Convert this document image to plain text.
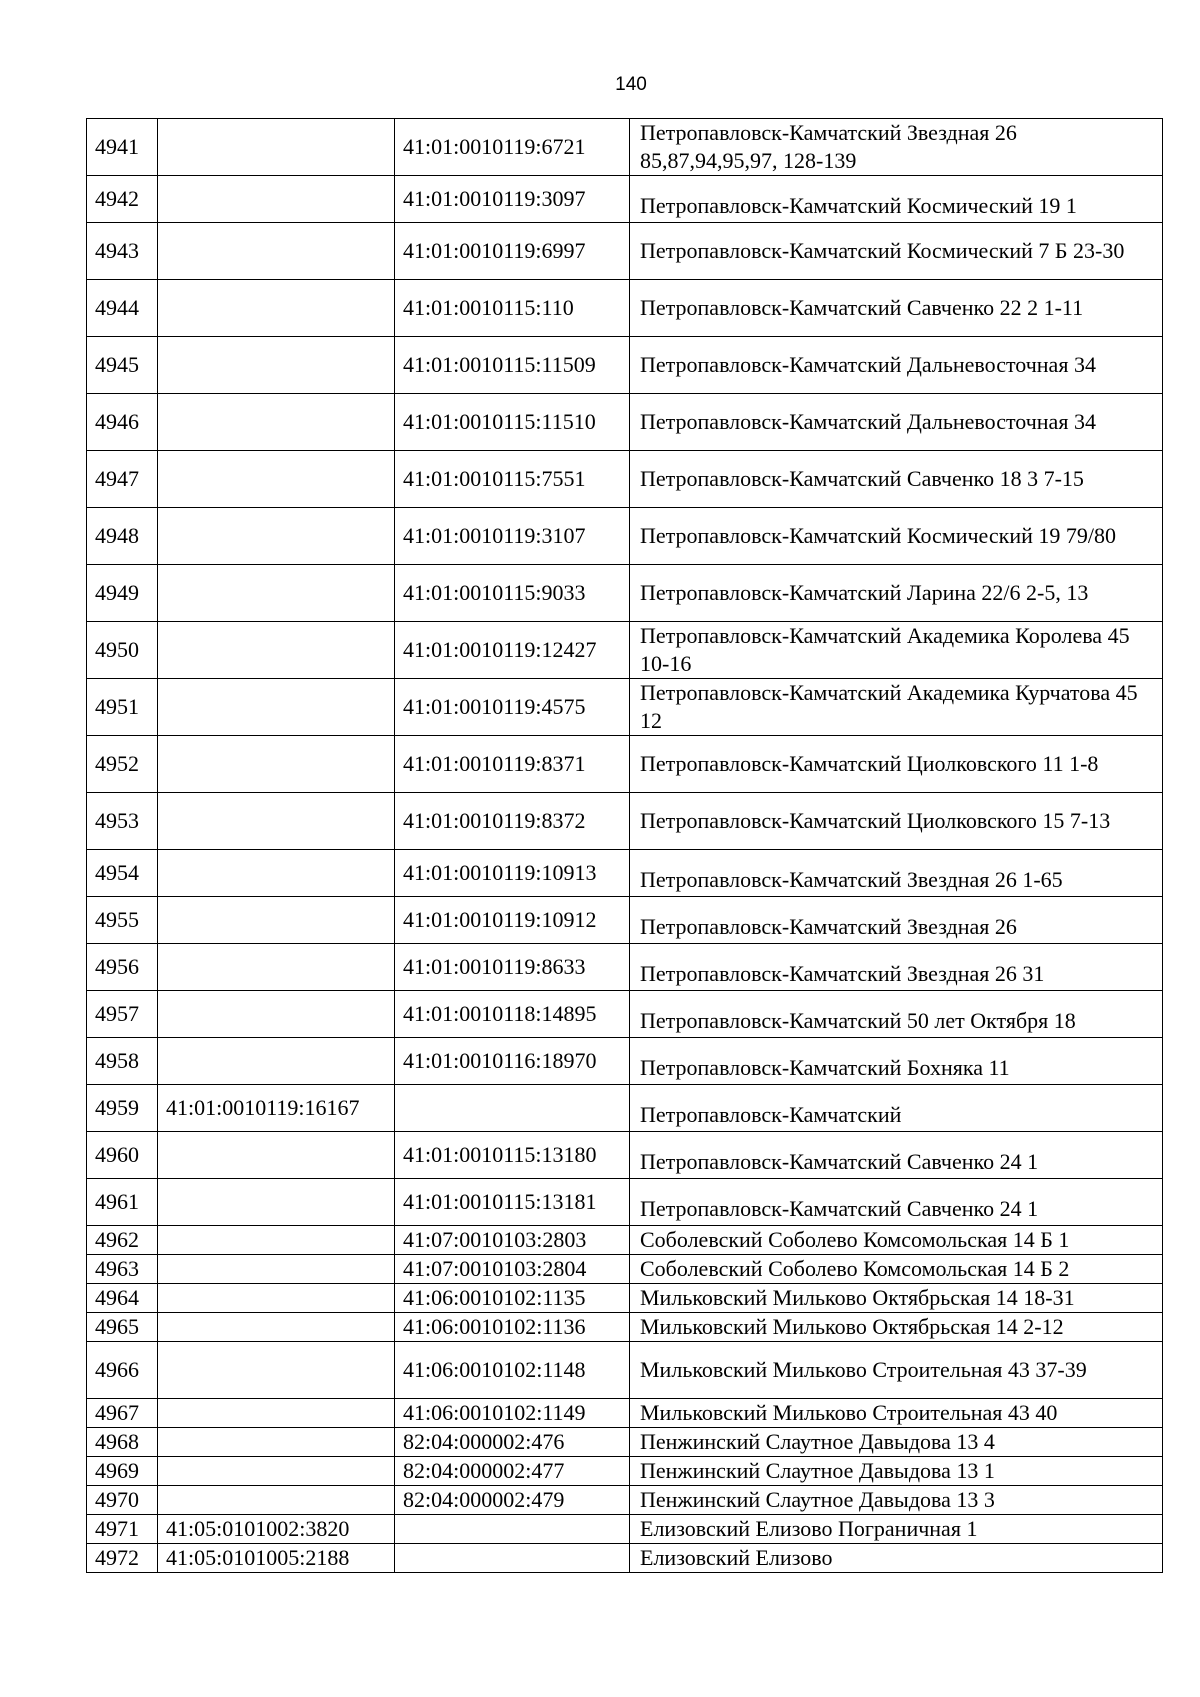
140
4941		41:01:0010119:6721	Петропавловск-Камчатский Звездная 26 85,87,94,95,97, 128-139
4942		41:01:0010119:3097	Петропавловск-Камчатский Космический 19 1
4943		41:01:0010119:6997	Петропавловск-Камчатский Космический 7 Б 23-30
4944		41:01:0010115:110	Петропавловск-Камчатский Савченко 22 2 1-11
4945		41:01:0010115:11509	Петропавловск-Камчатский Дальневосточная 34
4946		41:01:0010115:11510	Петропавловск-Камчатский Дальневосточная 34
4947		41:01:0010115:7551	Петропавловск-Камчатский Савченко 18 3 7-15
4948		41:01:0010119:3107	Петропавловск-Камчатский Космический 19 79/80
4949		41:01:0010115:9033	Петропавловск-Камчатский Ларина 22/6 2-5, 13
4950		41:01:0010119:12427	Петропавловск-Камчатский Академика Королева 45 10-16
4951		41:01:0010119:4575	Петропавловск-Камчатский Академика Курчатова 45 12
4952		41:01:0010119:8371	Петропавловск-Камчатский Циолковского 11 1-8
4953		41:01:0010119:8372	Петропавловск-Камчатский Циолковского 15 7-13
4954		41:01:0010119:10913	Петропавловск-Камчатский Звездная 26 1-65
4955		41:01:0010119:10912	Петропавловск-Камчатский Звездная 26
4956		41:01:0010119:8633	Петропавловск-Камчатский Звездная 26 31
4957		41:01:0010118:14895	Петропавловск-Камчатский 50 лет Октября 18
4958		41:01:0010116:18970	Петропавловск-Камчатский Бохняка 11
4959	41:01:0010119:16167		Петропавловск-Камчатский
4960		41:01:0010115:13180	Петропавловск-Камчатский Савченко 24 1
4961		41:01:0010115:13181	Петропавловск-Камчатский Савченко 24 1
4962		41:07:0010103:2803	Соболевский Соболево Комсомольская 14 Б 1
4963		41:07:0010103:2804	Соболевский Соболево Комсомольская 14 Б 2
4964		41:06:0010102:1135	Мильковский Мильково Октябрьская 14 18-31
4965		41:06:0010102:1136	Мильковский Мильково Октябрьская 14 2-12
4966		41:06:0010102:1148	Мильковский Мильково Строительная 43 37-39
4967		41:06:0010102:1149	Мильковский Мильково Строительная 43 40
4968		82:04:000002:476	Пенжинский Слаутное Давыдова 13 4
4969		82:04:000002:477	Пенжинский Слаутное Давыдова 13 1
4970		82:04:000002:479	Пенжинский Слаутное Давыдова 13 3
4971	41:05:0101002:3820		Елизовский Елизово Пограничная 1
4972	41:05:0101005:2188		Елизовский Елизово
